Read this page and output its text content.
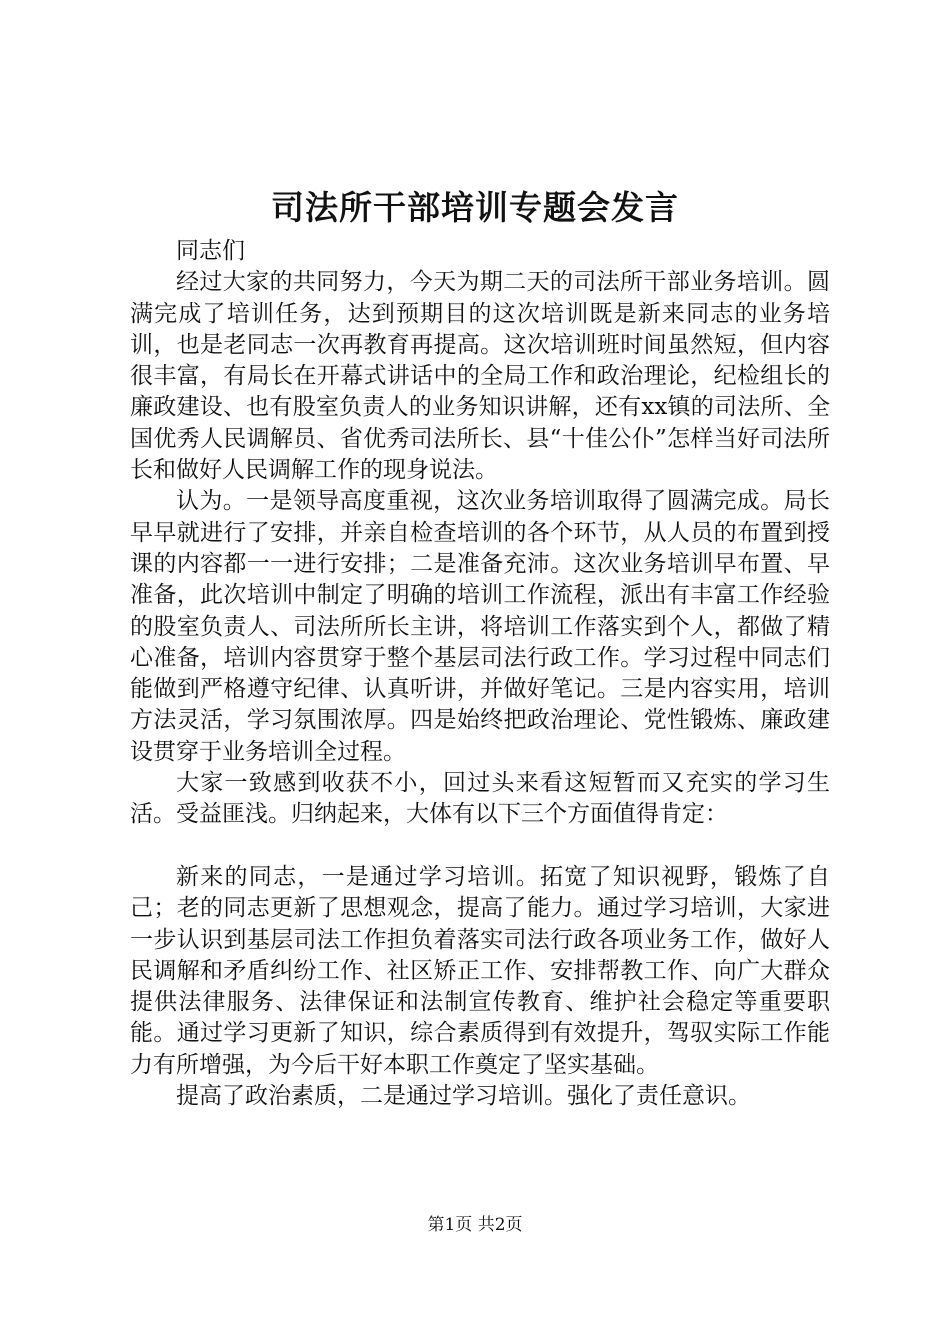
司法所干部培训专题会发言

同志们

经过大家的共同努力，今天为期二天的司法所干部业务培训。圆满完成了培训任务，达到预期目的这次培训既是新来同志的业务培训，也是老同志一次再教育再提高。这次培训班时间虽然短，但内容很丰富，有局长在开幕式讲话中的全局工作和政治理论，纪检组长的廉政建设、也有股室负责人的业务知识讲解，还有xx镇的司法所、全国优秀人民调解员、省优秀司法所长、县“十佳公仆”怎样当好司法所长和做好人民调解工作的现身说法。

认为。一是领导高度重视，这次业务培训取得了圆满完成。局长早早就进行了安排，并亲自检查培训的各个环节，从人员的布置到授课的内容都一一进行安排；二是准备充沛。这次业务培训早布置、早准备，此次培训中制定了明确的培训工作流程，派出有丰富工作经验的股室负责人、司法所所长主讲，将培训工作落实到个人，都做了精心准备，培训内容贯穿于整个基层司法行政工作。学习过程中同志们能做到严格遵守纪律、认真听讲，并做好笔记。三是内容实用，培训方法灵活，学习氛围浓厚。四是始终把政治理论、党性锻炼、廉政建设贯穿于业务培训全过程。

大家一致感到收获不小，回过头来看这短暂而又充实的学习生活。受益匪浅。归纳起来，大体有以下三个方面值得肯定：

新来的同志，一是通过学习培训。拓宽了知识视野，锻炼了自己；老的同志更新了思想观念，提高了能力。通过学习培训，大家进一步认识到基层司法工作担负着落实司法行政各项业务工作，做好人民调解和矛盾纠纷工作、社区矫正工作、安排帮教工作、向广大群众提供法律服务、法律保证和法制宣传教育、维护社会稳定等重要职能。通过学习更新了知识，综合素质得到有效提升，驾驭实际工作能力有所增强，为今后干好本职工作奠定了坚实基础。

提高了政治素质，二是通过学习培训。强化了责任意识。

第1页 共2页
